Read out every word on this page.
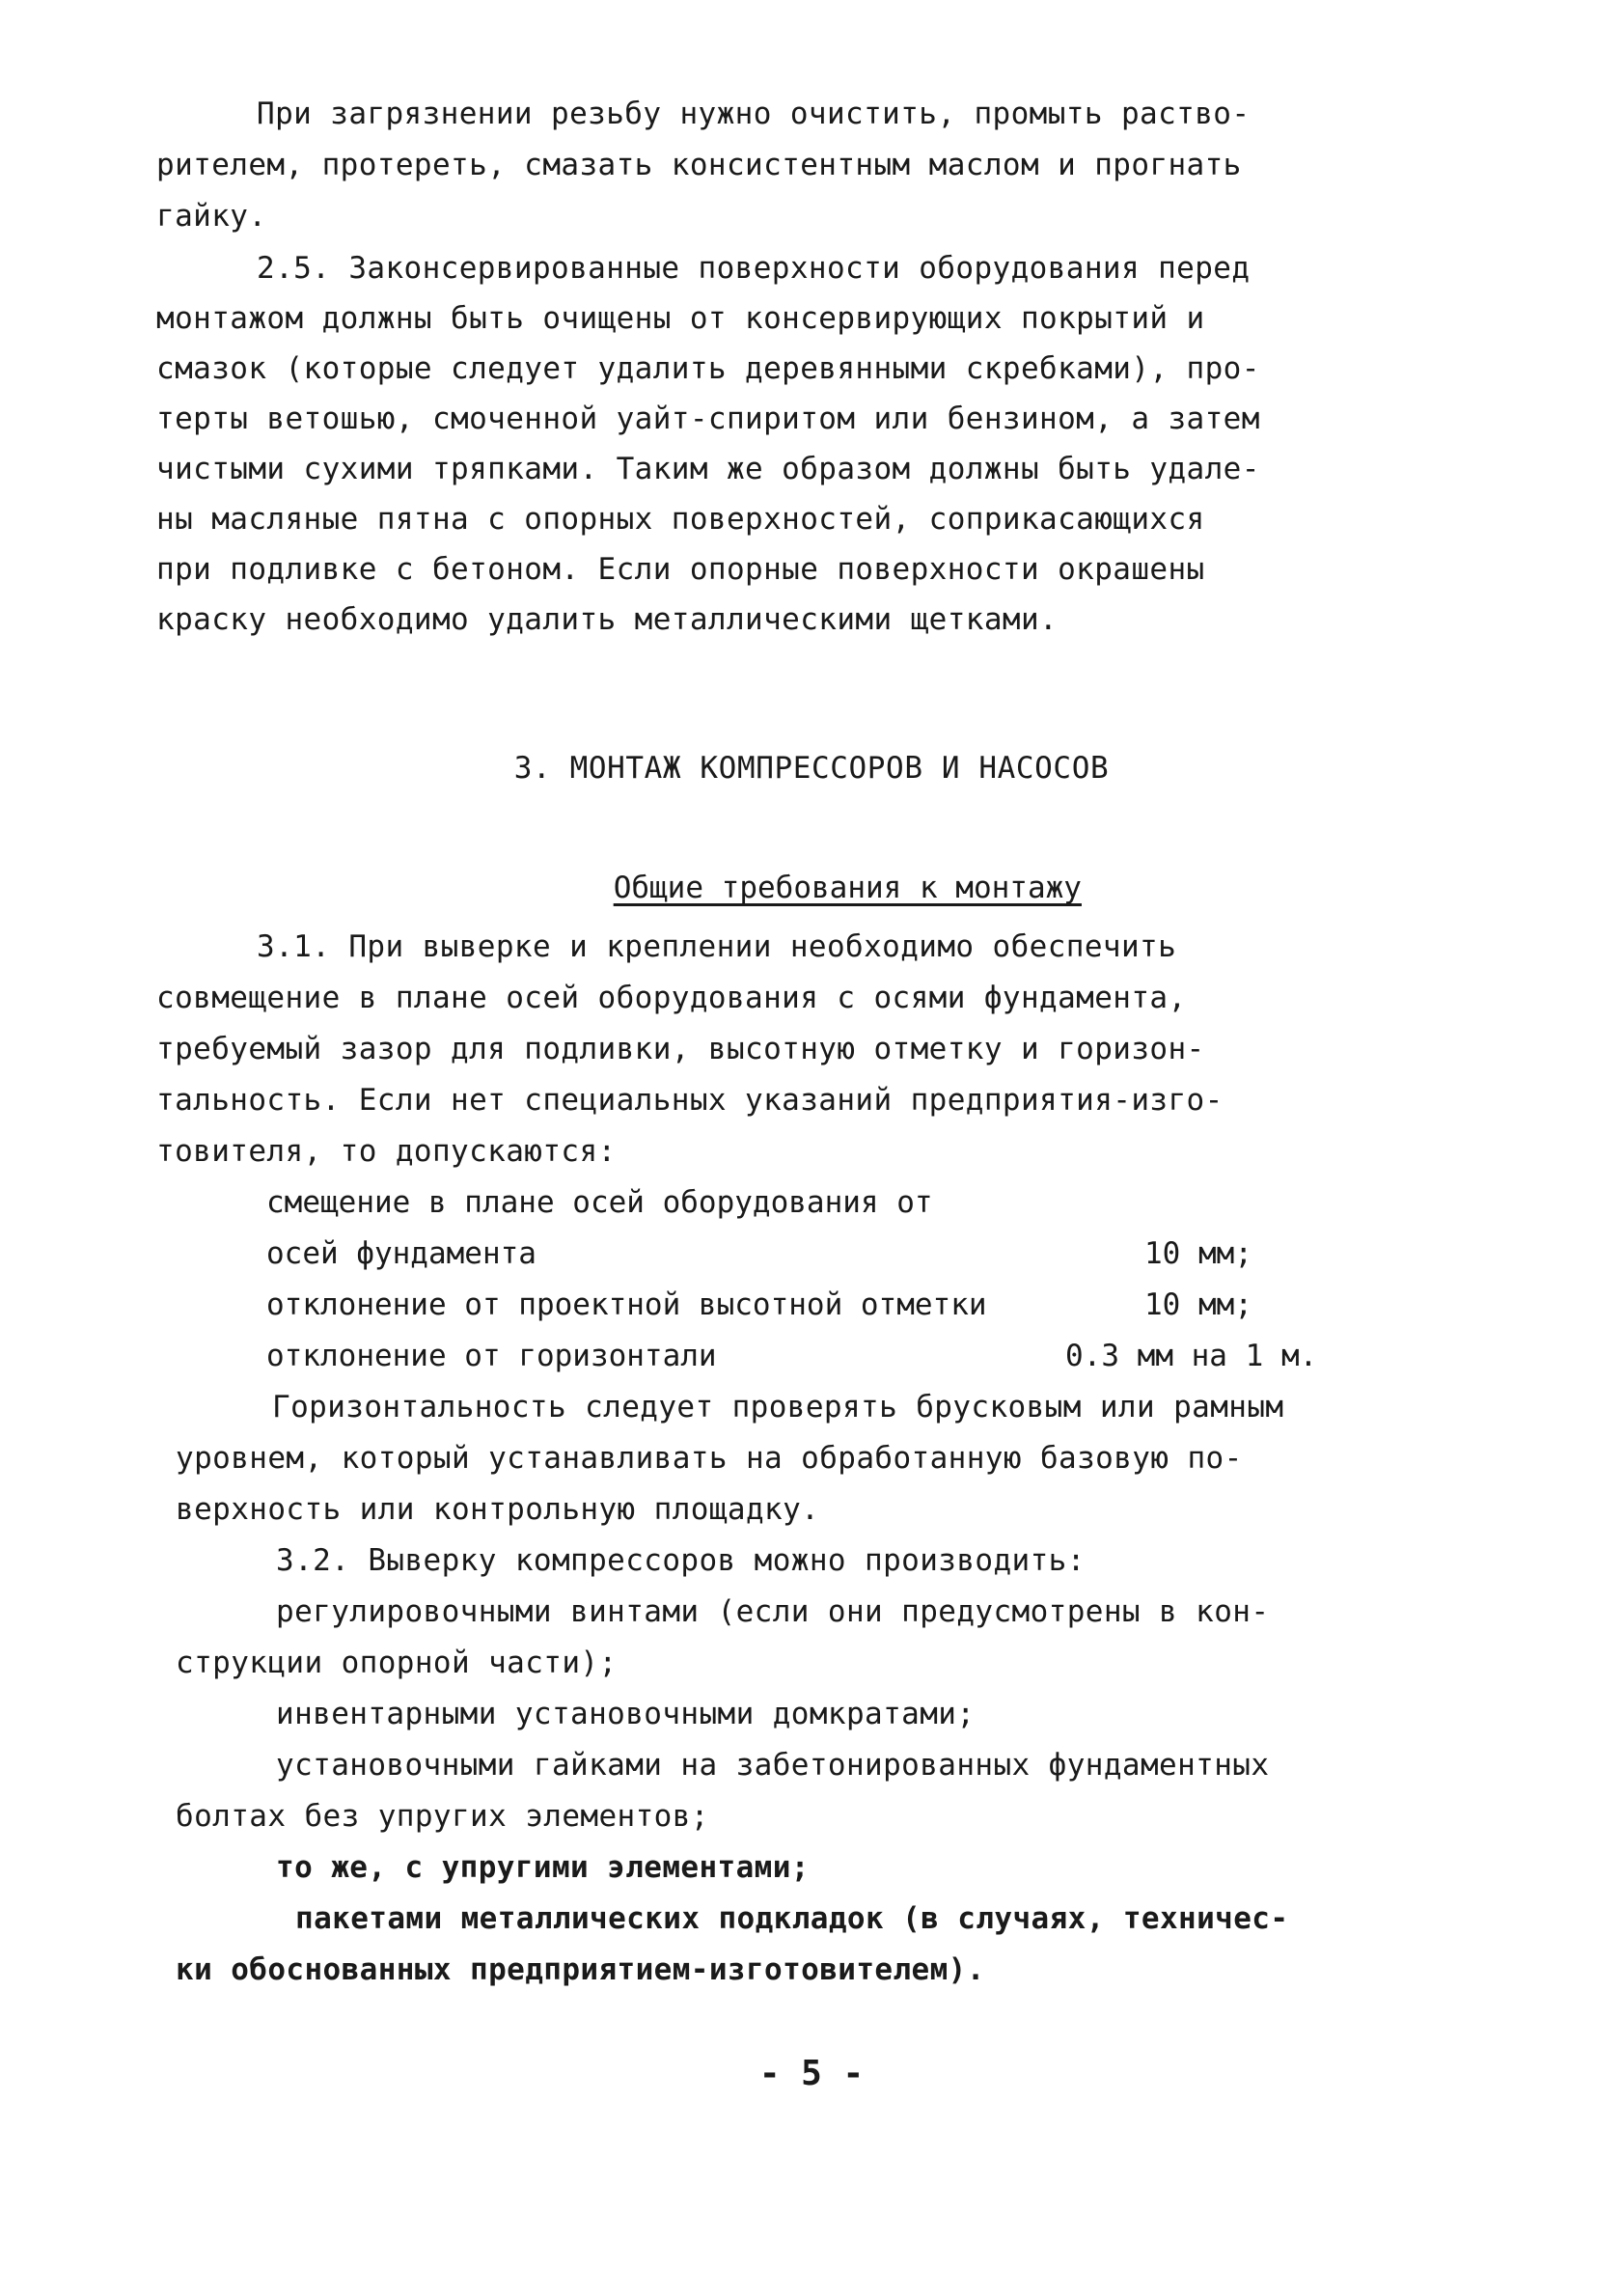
При загрязнении резьбу нужно очистить, промыть раство-
рителем, протереть, смазать консистентным маслом и прогнать
гайку.
2.5. Законсервированные поверхности оборудования перед
монтажом должны быть очищены от консервирующих покрытий и
смазок (которые следует удалить деревянными скребками), про-
терты ветошью, смоченной уайт-спиритом или бензином, а затем
чистыми сухими тряпками. Таким же образом должны быть удале-
ны масляные пятна с опорных поверхностей, соприкасающихся
при подливке с бетоном. Если опорные поверхности окрашены
краску необходимо удалить металлическими щетками.
3. МОНТАЖ КОМПРЕССОРОВ И НАСОСОВ

Общие требования к монтажу

3.1. При выверке и креплении необходимо обеспечить
совмещение в плане осей оборудования с осями фундамента,
требуемый зазор для подливки, высотную отметку и горизон-
тальность. Если нет специальных указаний предприятия-изго-
товителя, то допускаются:
смещение в плане осей оборудования от
осей фундамента	10 мм;
отклонение от проектной высотной отметки	10 мм;
отклонение от горизонтали	0.3 мм на 1 м.
Горизонтальность следует проверять брусковым или рамным
уровнем, который устанавливать на обработанную базовую по-
верхность или контрольную площадку.
3.2. Выверку компрессоров можно производить:
регулировочными винтами (если они предусмотрены в кон-
струкции опорной части);
инвентарными установочными домкратами;
установочными гайками на забетонированных фундаментных
болтах без упругих элементов;
то же, с упругими элементами;
пакетами металлических подкладок (в случаях, техничес-
ки обоснованных предприятием-изготовителем).
- 5 -
